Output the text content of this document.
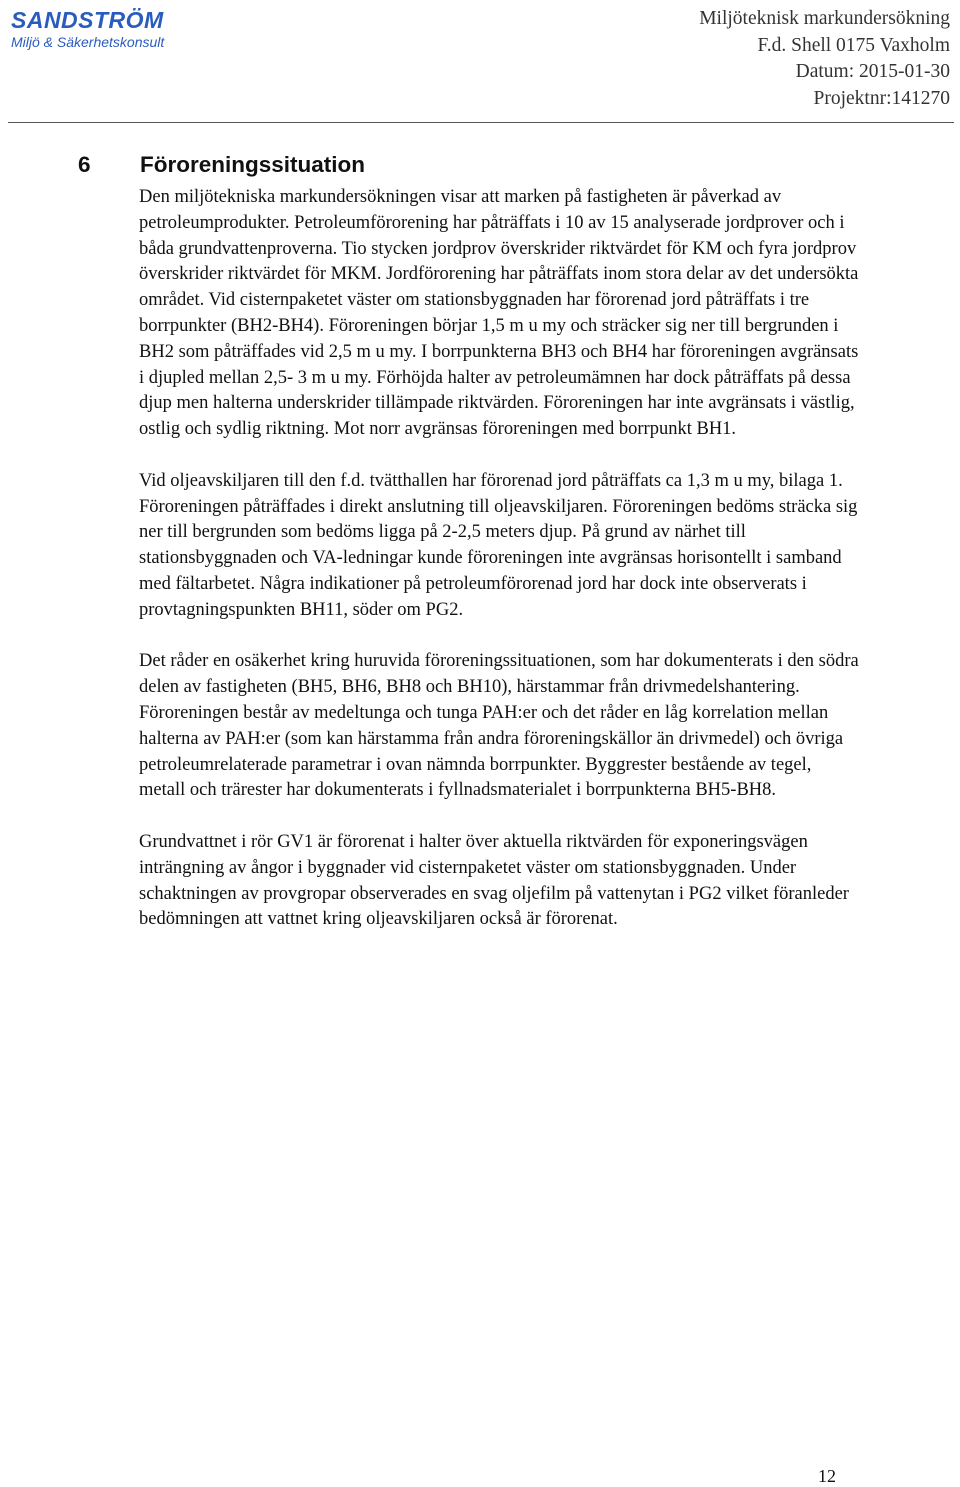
SANDSTRÖM
Miljö & Säkerhetskonsult
Miljöteknisk markundersökning
F.d. Shell 0175 Vaxholm
Datum: 2015-01-30
Projektnr:141270
6	Föroreningssituation

Den miljötekniska markundersökningen visar att marken på fastigheten är påverkad av petroleumprodukter. Petroleumförorening har påträffats i 10 av 15 analyserade jordprover och i båda grundvattenproverna. Tio stycken jordprov överskrider riktvärdet för KM och fyra jordprov överskrider riktvärdet för MKM. Jordförorening har påträffats inom stora delar av det undersökta området. Vid cisternpaketet väster om stationsbyggnaden har förorenad jord påträffats i tre borrpunkter (BH2-BH4). Föroreningen börjar 1,5 m u my och sträcker sig ner till bergrunden i BH2 som påträffades vid 2,5 m u my. I borrpunkterna BH3 och BH4 har föroreningen avgränsats i djupled mellan 2,5- 3 m u my. Förhöjda halter av petroleumämnen har dock påträffats på dessa djup men halterna underskrider tillämpade riktvärden. Föroreningen har inte avgränsats i västlig, ostlig och sydlig riktning. Mot norr avgränsas föroreningen med borrpunkt BH1.

Vid oljeavskiljaren till den f.d. tvätthallen har förorenad jord påträffats ca 1,3 m u my, bilaga 1. Föroreningen påträffades i direkt anslutning till oljeavskiljaren. Föroreningen bedöms sträcka sig ner till bergrunden som bedöms ligga på 2-2,5 meters djup. På grund av närhet till stationsbyggnaden och VA-ledningar kunde föroreningen inte avgränsas horisontellt i samband med fältarbetet. Några indikationer på petroleumförorenad jord har dock inte observerats i provtagningspunkten BH11, söder om PG2.

Det råder en osäkerhet kring huruvida föroreningssituationen, som har dokumenterats i den södra delen av fastigheten (BH5, BH6, BH8 och BH10), härstammar från drivmedelshantering. Föroreningen består av medeltunga och tunga PAH:er och det råder en låg korrelation mellan halterna av PAH:er (som kan härstamma från andra föroreningskällor än drivmedel) och övriga petroleumrelaterade parametrar i ovan nämnda borrpunkter. Byggrester bestående av tegel, metall och trärester har dokumenterats i fyllnadsmaterialet i borrpunkterna BH5-BH8.

Grundvattnet i rör GV1 är förorenat i halter över aktuella riktvärden för exponeringsvägen inträngning av ångor i byggnader vid cisternpaketet väster om stationsbyggnaden. Under schaktningen av provgropar observerades en svag oljefilm på vattenytan i PG2 vilket föranleder bedömningen att vattnet kring oljeavskiljaren också är förorenat.

12
